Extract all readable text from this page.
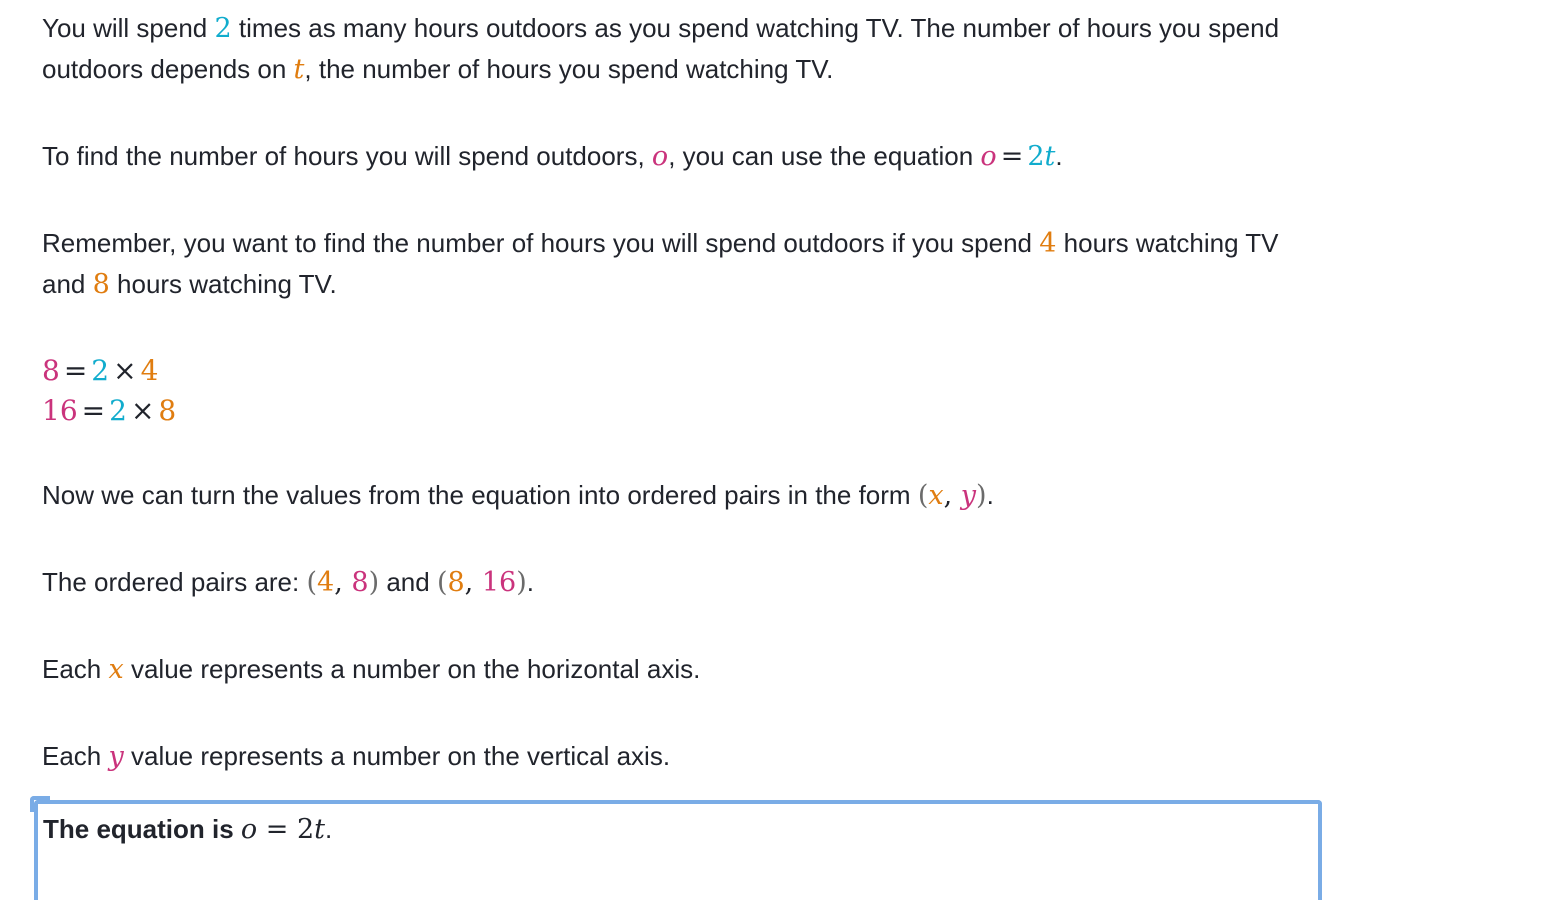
You will spend 2 times as many hours outdoors as you spend watching TV. The number of hours you spend outdoors depends on t, the number of hours you spend watching TV.

To find the number of hours you will spend outdoors, o, you can use the equation o = 2t.

Remember, you want to find the number of hours you will spend outdoors if you spend 4 hours watching TV and 8 hours watching TV.

8 = 2 × 4
16 = 2 × 8

Now we can turn the values from the equation into ordered pairs in the form (x, y).

The ordered pairs are: (4, 8) and (8, 16).

Each x value represents a number on the horizontal axis.

Each y value represents a number on the vertical axis.

The equation is o = 2t.
